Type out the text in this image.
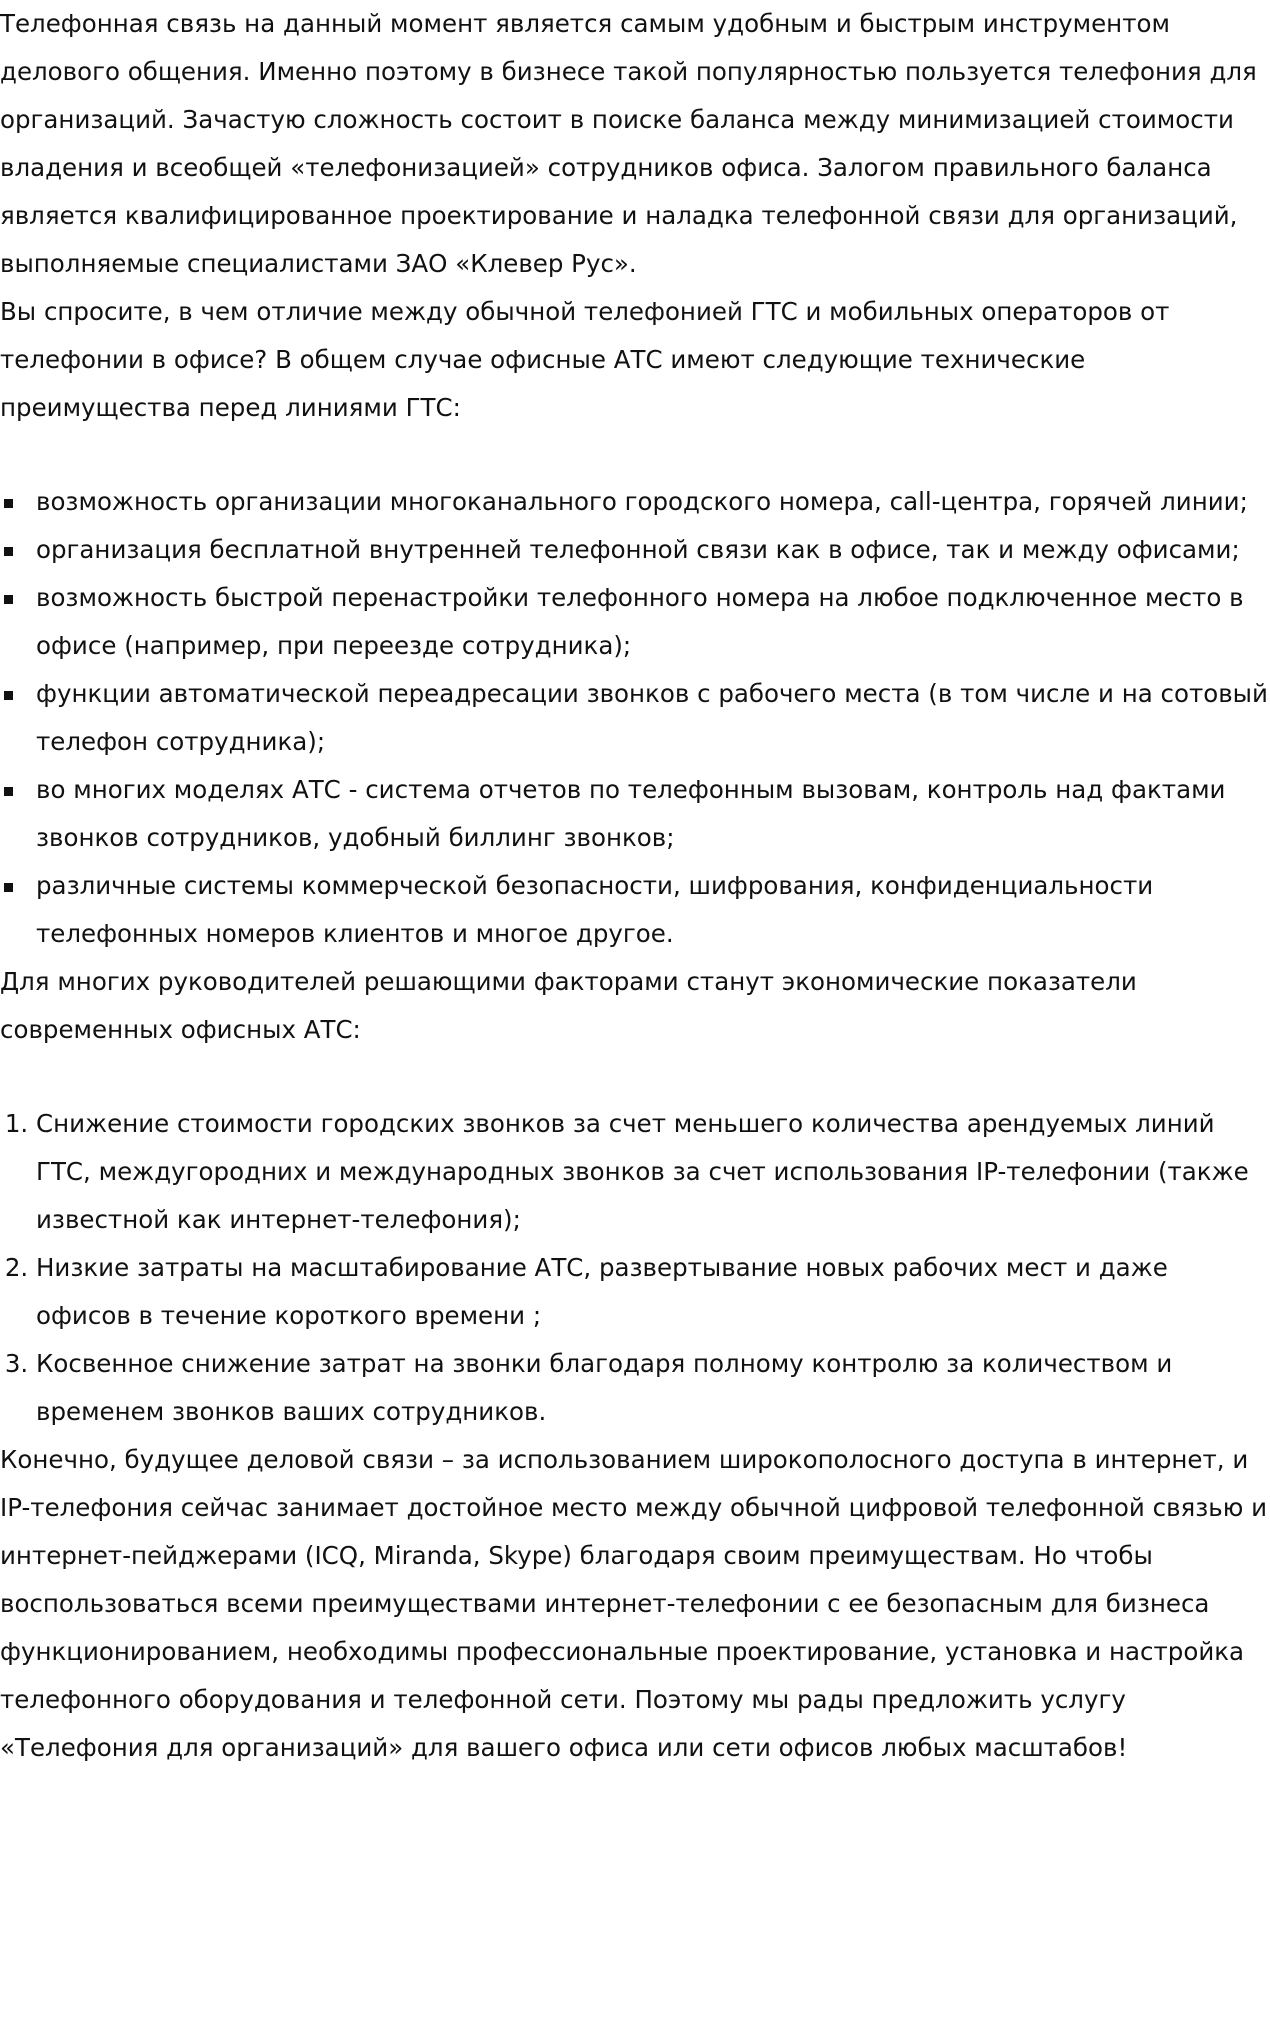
Телефонная связь на данный момент является самым удобным и быстрым инструментом делового общения. Именно поэтому в бизнесе такой популярностью пользуется телефония для организаций. Зачастую сложность состоит в поиске баланса между минимизацией стоимости владения и всеобщей «телефонизацией» сотрудников офиса. Залогом правильного баланса является квалифицированное проектирование и наладка телефонной связи для организаций, выполняемые специалистами ЗАО «Клевер Рус».

Вы спросите, в чем отличие между обычной телефонией ГТС и мобильных операторов от телефонии в офисе? В общем случае офисные АТС имеют следующие технические преимущества перед линиями ГТС:

возможность организации многоканального городского номера, call-центра, горячей линии;
организация бесплатной внутренней телефонной связи как в офисе, так и между офисами;
возможность быстрой перенастройки телефонного номера на любое подключенное место в офисе (например, при переезде сотрудника);
функции автоматической переадресации звонков с рабочего места (в том числе и на сотовый телефон сотрудника);
во многих моделях АТС - система отчетов по телефонным вызовам, контроль над фактами звонков сотрудников, удобный биллинг звонков;
различные системы коммерческой безопасности, шифрования, конфиденциальности телефонных номеров клиентов и многое другое.

Для многих руководителей решающими факторами станут экономические показатели современных офисных АТС:

1. Снижение стоимости городских звонков за счет меньшего количества арендуемых линий ГТС, междугородних и международных звонков за счет использования IP-телефонии (также известной как интернет-телефония);
2. Низкие затраты на масштабирование АТС, развертывание новых рабочих мест и даже офисов в течение короткого времени ;
3. Косвенное снижение затрат на звонки благодаря полному контролю за количеством и временем звонков ваших сотрудников.

Конечно, будущее деловой связи – за использованием широкополосного доступа в интернет, и IP-телефония сейчас занимает достойное место между обычной цифровой телефонной связью и интернет-пейджерами (ICQ, Miranda, Skype) благодаря своим преимуществам. Но чтобы воспользоваться всеми преимуществами интернет-телефонии с ее безопасным для бизнеса функционированием, необходимы профессиональные проектирование, установка и настройка телефонного оборудования и телефонной сети. Поэтому мы рады предложить услугу «Телефония для организаций» для вашего офиса или сети офисов любых масштабов!
